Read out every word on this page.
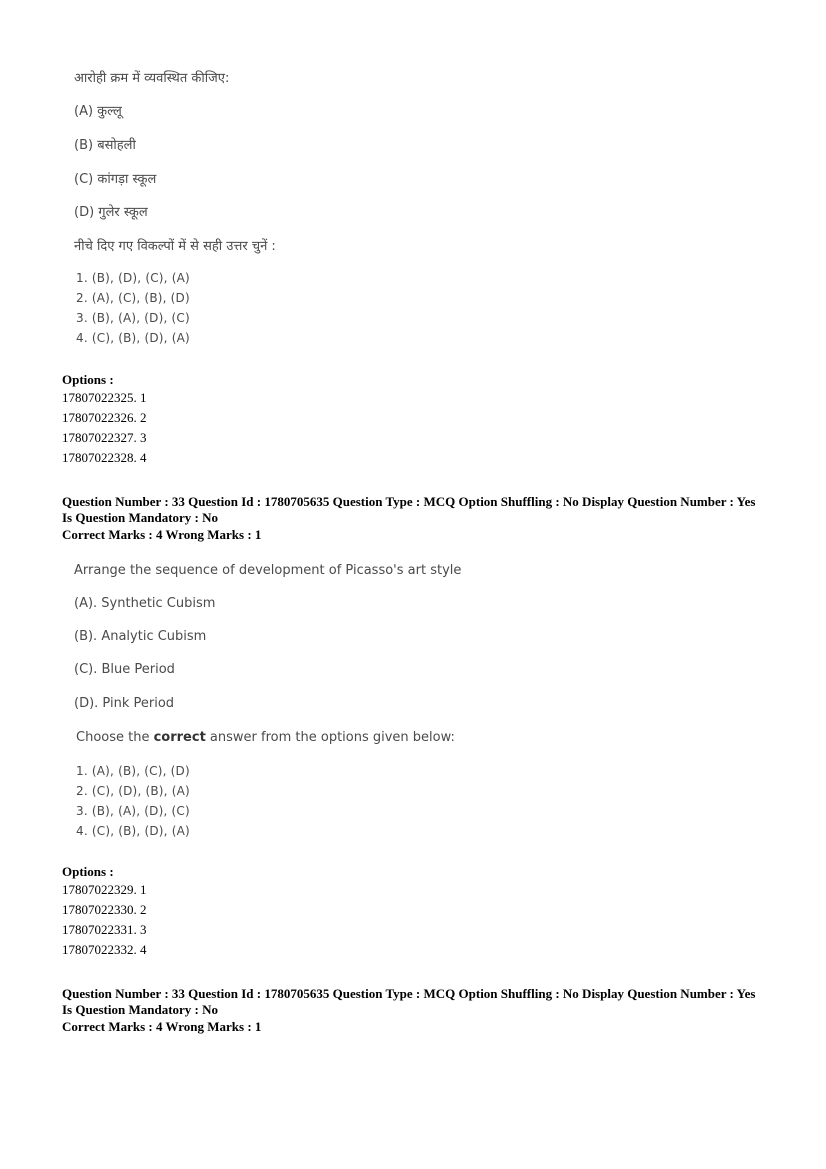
आरोही क्रम में व्यवस्थित कीजिए:
(A) कुल्लू
(B) बसोहली
(C) कांगड़ा स्कूल
(D) गुलेर स्कूल
नीचे दिए गए विकल्पों में से सही उत्तर चुनें :
1. (B), (D), (C), (A)
2. (A), (C), (B), (D)
3. (B), (A), (D), (C)
4. (C), (B), (D), (A)
Options :
17807022325. 1
17807022326. 2
17807022327. 3
17807022328. 4
Question Number : 33 Question Id : 1780705635 Question Type : MCQ Option Shuffling : No Display Question Number : Yes
Is Question Mandatory : No
Correct Marks : 4 Wrong Marks : 1
Arrange the sequence of development of Picasso's art style
(A). Synthetic Cubism
(B). Analytic Cubism
(C). Blue Period
(D). Pink Period
Choose the correct answer from the options given below:
1. (A), (B), (C), (D)
2. (C), (D), (B), (A)
3. (B), (A), (D), (C)
4. (C), (B), (D), (A)
Options :
17807022329. 1
17807022330. 2
17807022331. 3
17807022332. 4
Question Number : 33 Question Id : 1780705635 Question Type : MCQ Option Shuffling : No Display Question Number : Yes
Is Question Mandatory : No
Correct Marks : 4 Wrong Marks : 1
